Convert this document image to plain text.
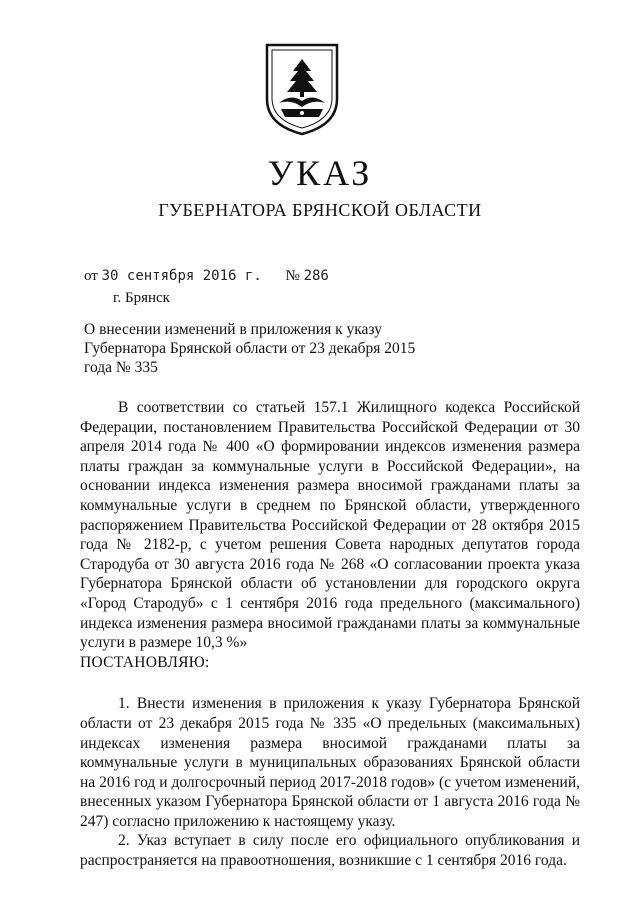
УКАЗ
ГУБЕРНАТОРА БРЯНСКОЙ ОБЛАСТИ
от 30 сентября 2016 г. № 286
г. Брянск
О внесении изменений в приложения к указу Губернатора Брянской области от 23 декабря 2015 года № 335

В соответствии со статьей 157.1 Жилищного кодекса Российской Федерации, постановлением Правительства Российской Федерации от 30 апреля 2014 года № 400 «О формировании индексов изменения размера платы граждан за коммунальные услуги в Российской Федерации», на основании индекса изменения размера вносимой гражданами платы за коммунальные услуги в среднем по Брянской области, утвержденного распоряжением Правительства Российской Федерации от 28 октября 2015 года № 2182-р, с учетом решения Совета народных депутатов города Стародуба от 30 августа 2016 года № 268 «О согласовании проекта указа Губернатора Брянской области об установлении для городского округа «Город Стародуб» с 1 сентября 2016 года предельного (максимального) индекса изменения размера вносимой гражданами платы за коммунальные услуги в размере 10,3 %»

ПОСТАНОВЛЯЮ:

1. Внести изменения в приложения к указу Губернатора Брянской области от 23 декабря 2015 года № 335 «О предельных (максимальных) индексах изменения размера вносимой гражданами платы за коммунальные услуги в муниципальных образованиях Брянской области на 2016 год и долгосрочный период 2017-2018 годов» (с учетом изменений, внесенных указом Губернатора Брянской области от 1 августа 2016 года № 247) согласно приложению к настоящему указу.

2. Указ вступает в силу после его официального опубликования и распространяется на правоотношения, возникшие с 1 сентября 2016 года.
